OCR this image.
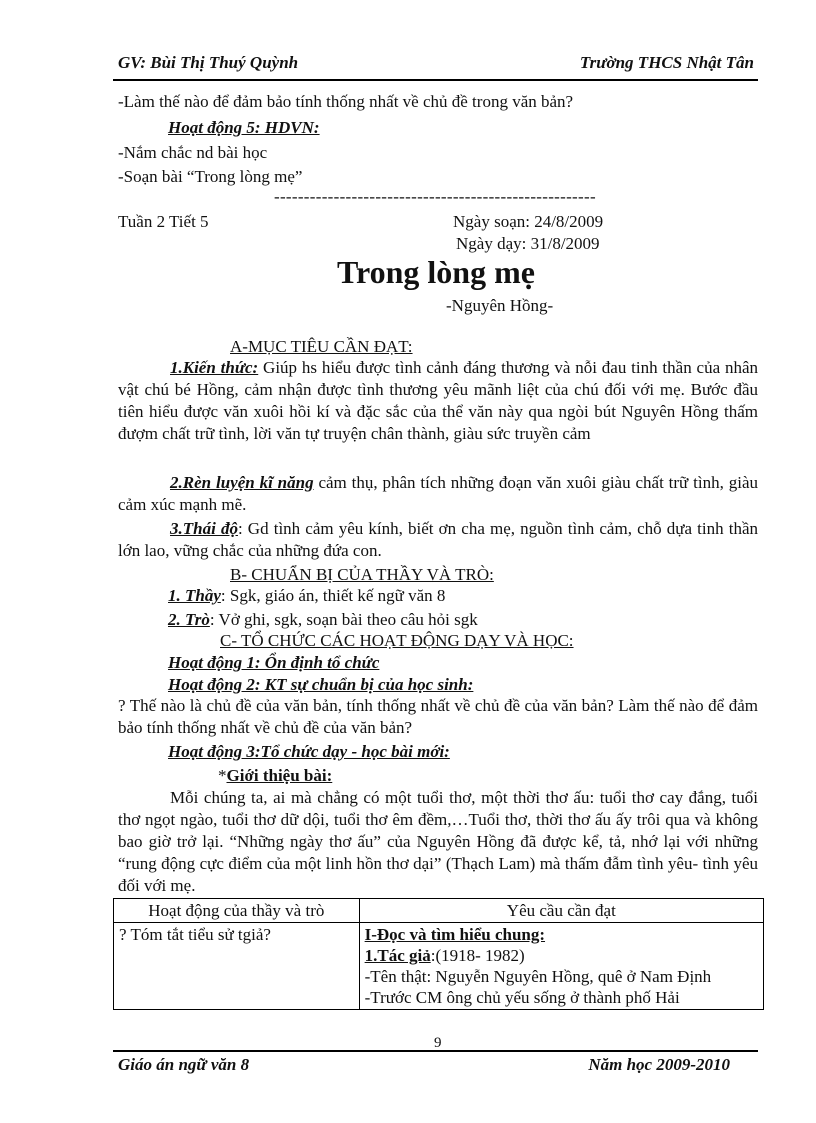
GV: Bùi Thị Thuý Quỳnh	Trường THCS Nhật Tân
-Làm thế nào để đảm bảo tính thống nhất về chủ đề trong văn bản?
Hoạt động 5: HDVN:
-Nắm chắc nd bài học
-Soạn bài “Trong lòng mẹ”
------------------------------------------------------
Tuần 2 Tiết 5	Ngày soạn: 24/8/2009
Ngày dạy: 31/8/2009
Trong lòng mẹ
-Nguyên Hồng-
A-MỤC TIÊU CẦN ĐẠT:
1.Kiến thức: Giúp hs hiểu được tình cảnh đáng thương và nỗi đau tinh thần của nhân vật chú bé Hồng, cảm nhận được tình thương yêu mãnh liệt của chú đối với mẹ. Bước đầu tiên hiểu được văn xuôi hồi kí và đặc sắc của thể văn này qua ngòi bút Nguyên Hồng thấm đượm chất trữ tình, lời văn tự truyện chân thành, giàu sức truyền cảm
2.Rèn luyện kĩ năng cảm thụ, phân tích những đoạn văn xuôi giàu chất trữ tình, giàu cảm xúc mạnh mẽ.
3.Thái độ: Gd tình cảm yêu kính, biết ơn cha mẹ, nguồn tình cảm, chỗ dựa tinh thần lớn lao, vững chắc của những đứa con.
B- CHUẨN BỊ CỦA THẦY VÀ TRÒ:
1. Thầy: Sgk, giáo án, thiết kế ngữ văn 8
2. Trò: Vở ghi, sgk, soạn bài theo câu hỏi sgk
C- TỔ CHỨC CÁC HOẠT ĐỘNG DẠY VÀ HỌC:
Hoạt động 1: Ổn định tổ chức
Hoạt động 2: KT sự chuẩn bị của học sinh:
? Thế nào là chủ đề của văn bản, tính thống nhất về chủ đề của văn bản? Làm thế nào để đảm bảo tính thống nhất về chủ đề của văn bản?
Hoạt động 3:Tổ chức dạy - học bài mới:
*Giới thiệu bài:
Mỗi chúng ta, ai mà chẳng có một tuổi thơ, một thời thơ ấu: tuổi thơ cay đắng, tuổi thơ ngọt ngào, tuổi thơ dữ dội, tuổi thơ êm đềm,…Tuổi thơ, thời thơ ấu ấy trôi qua và không bao giờ trở lại. “Những ngày thơ ấu” của Nguyên Hồng đã được kể, tả, nhớ lại với những “rung động cực điểm của một linh hồn thơ dại” (Thạch Lam) mà thấm đẫm tình yêu- tình yêu đối với mẹ.
Hoạt động của thầy và trò	Yêu cầu cần đạt
? Tóm tắt tiểu sử tgiả?	I-Đọc và tìm hiểu chung:
1.Tác giả:(1918- 1982)
-Tên thật: Nguyễn Nguyên Hồng, quê ở Nam Định
-Trước CM ông chủ yếu sống ở thành phố Hải
9
Giáo án ngữ văn 8	Năm học 2009-2010
